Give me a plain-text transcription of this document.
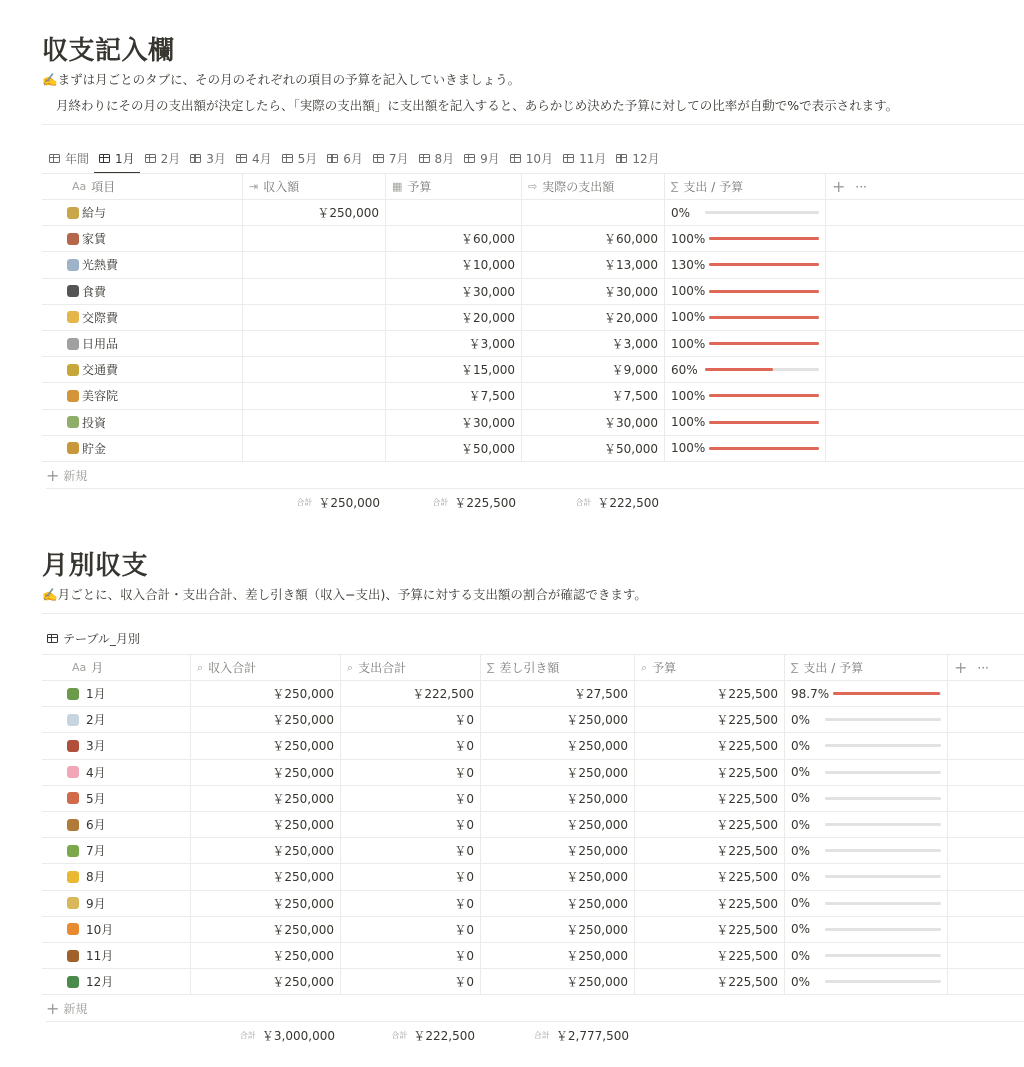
収支記入欄
✍️まずは月ごとのタブに、その月のそれぞれの項目の予算を記入していきましょう。
月終わりにその月の支出額が決定したら、「実際の支出額」に支出額を記入すると、あらかじめ決めた予算に対しての比率が自動で%で表示されます。
年間 1月 2月 3月 4月 5月 6月 7月 8月 9月 10月 11月 12月
Aa 項目	⇥ 収入額	▦ 予算	⇨ 実際の支出額	∑ 支出 / 予算	+ ···
給与	￥250,000	0%
家賃	￥60,000	￥60,000	100%
光熱費	￥10,000	￥13,000	130%
食費	￥30,000	￥30,000	100%
交際費	￥20,000	￥20,000	100%
日用品	￥3,000	￥3,000	100%
交通費	￥15,000	￥9,000	60%
美容院	￥7,500	￥7,500	100%
投資	￥30,000	￥30,000	100%
貯金	￥50,000	￥50,000	100%
+ 新規
合計 ￥250,000	合計 ￥225,500	合計 ￥222,500
月別収支
✍️月ごとに、収入合計・支出合計、差し引き額（収入−支出)、予算に対する支出額の割合が確認できます。
テーブル_月別
Aa 月	⌕ 収入合計	⌕ 支出合計	∑ 差し引き額	⌕ 予算	∑ 支出 / 予算	+ ···
1月	￥250,000	￥222,500	￥27,500	￥225,500	98.7%
2月	￥250,000	￥0	￥250,000	￥225,500	0%
3月	￥250,000	￥0	￥250,000	￥225,500	0%
4月	￥250,000	￥0	￥250,000	￥225,500	0%
5月	￥250,000	￥0	￥250,000	￥225,500	0%
6月	￥250,000	￥0	￥250,000	￥225,500	0%
7月	￥250,000	￥0	￥250,000	￥225,500	0%
8月	￥250,000	￥0	￥250,000	￥225,500	0%
9月	￥250,000	￥0	￥250,000	￥225,500	0%
10月	￥250,000	￥0	￥250,000	￥225,500	0%
11月	￥250,000	￥0	￥250,000	￥225,500	0%
12月	￥250,000	￥0	￥250,000	￥225,500	0%
+ 新規
合計 ￥3,000,000	合計 ￥222,500	合計 ￥2,777,500
